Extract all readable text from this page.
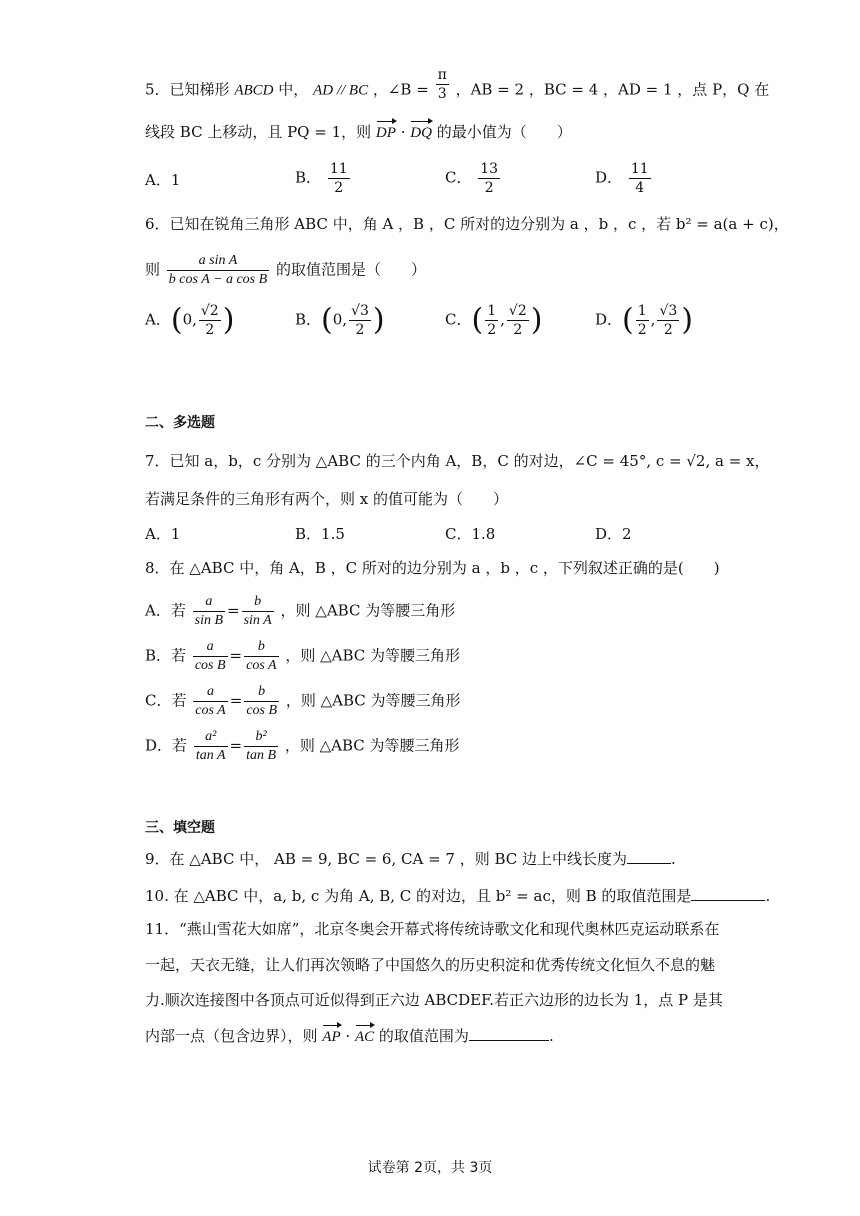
5．已知梯形 ABCD 中， AD // BC ，∠B = $\frac{\pi}{3}$ ，AB = 2 ，BC = 4 ，AD = 1 ，点 P，Q 在
线段 BC 上移动，且 PQ = 1，则 DP · DQ 的最小值为（　　）
A．1	B． $\frac{11}{2}$	C． $\frac{13}{2}$	D． $\frac{11}{4}$
6．已知在锐角三角形 ABC 中，角 A ，B ，C 所对的边分别为 a ，b ，c ，若 b² = a(a + c)，
则 $\frac{\text{a sin A}}{\text{b cos A − a cos B}}$ 的取值范围是（　　）
A．(0, $\frac{√2}{2}$ )	B．(0, $\frac{√3}{2}$ )	C．( $\frac{1}{2}$ , $\frac{√2}{2}$ )	D．( $\frac{1}{2}$ , $\frac{√3}{2}$ )
二、多选题
7．已知 a，b，c 分别为 △ABC 的三个内角 A，B，C 的对边，∠C = 45°, c = √2, a = x，
若满足条件的三角形有两个，则 x 的值可能为（　　）
A．1	B．1.5	C．1.8	D．2
8．在 △ABC 中，角 A，B ，C 所对的边分别为 a ，b ，c ，下列叙述正确的是(　　)
A．若 $\frac{a}{\text{sin B}} = \frac{b}{\text{sin A}}$ ，则 △ABC 为等腰三角形
B．若 $\frac{a}{\text{cos B}} = \frac{b}{\text{cos A}}$ ，则 △ABC 为等腰三角形
C．若 $\frac{a}{\text{cos A}} = \frac{b}{\text{cos B}}$ ，则 △ABC 为等腰三角形
D．若 $\frac{\text{a²}}{\text{tan A}} = \frac{\text{b²}}{\text{tan B}}$ ，则 △ABC 为等腰三角形
三、填空题
9．在 △ABC 中， AB = 9, BC = 6, CA = 7 ，则 BC 边上中线长度为	.
10. 在 △ABC 中，a, b, c 为角 A, B, C 的对边，且 b² = ac，则 B 的取值范围是	.
11．“燕山雪花大如席”，北京冬奥会开幕式将传统诗歌文化和现代奥林匹克运动联系在
一起，天衣无缝，让人们再次领略了中国悠久的历史积淀和优秀传统文化恒久不息的魅
力.顺次连接图中各顶点可近似得到正六边 ABCDEF.若正六边形的边长为 1，点 P 是其
内部一点（包含边界），则 AP · AC 的取值范围为	.
试卷第 2页，共 3页
